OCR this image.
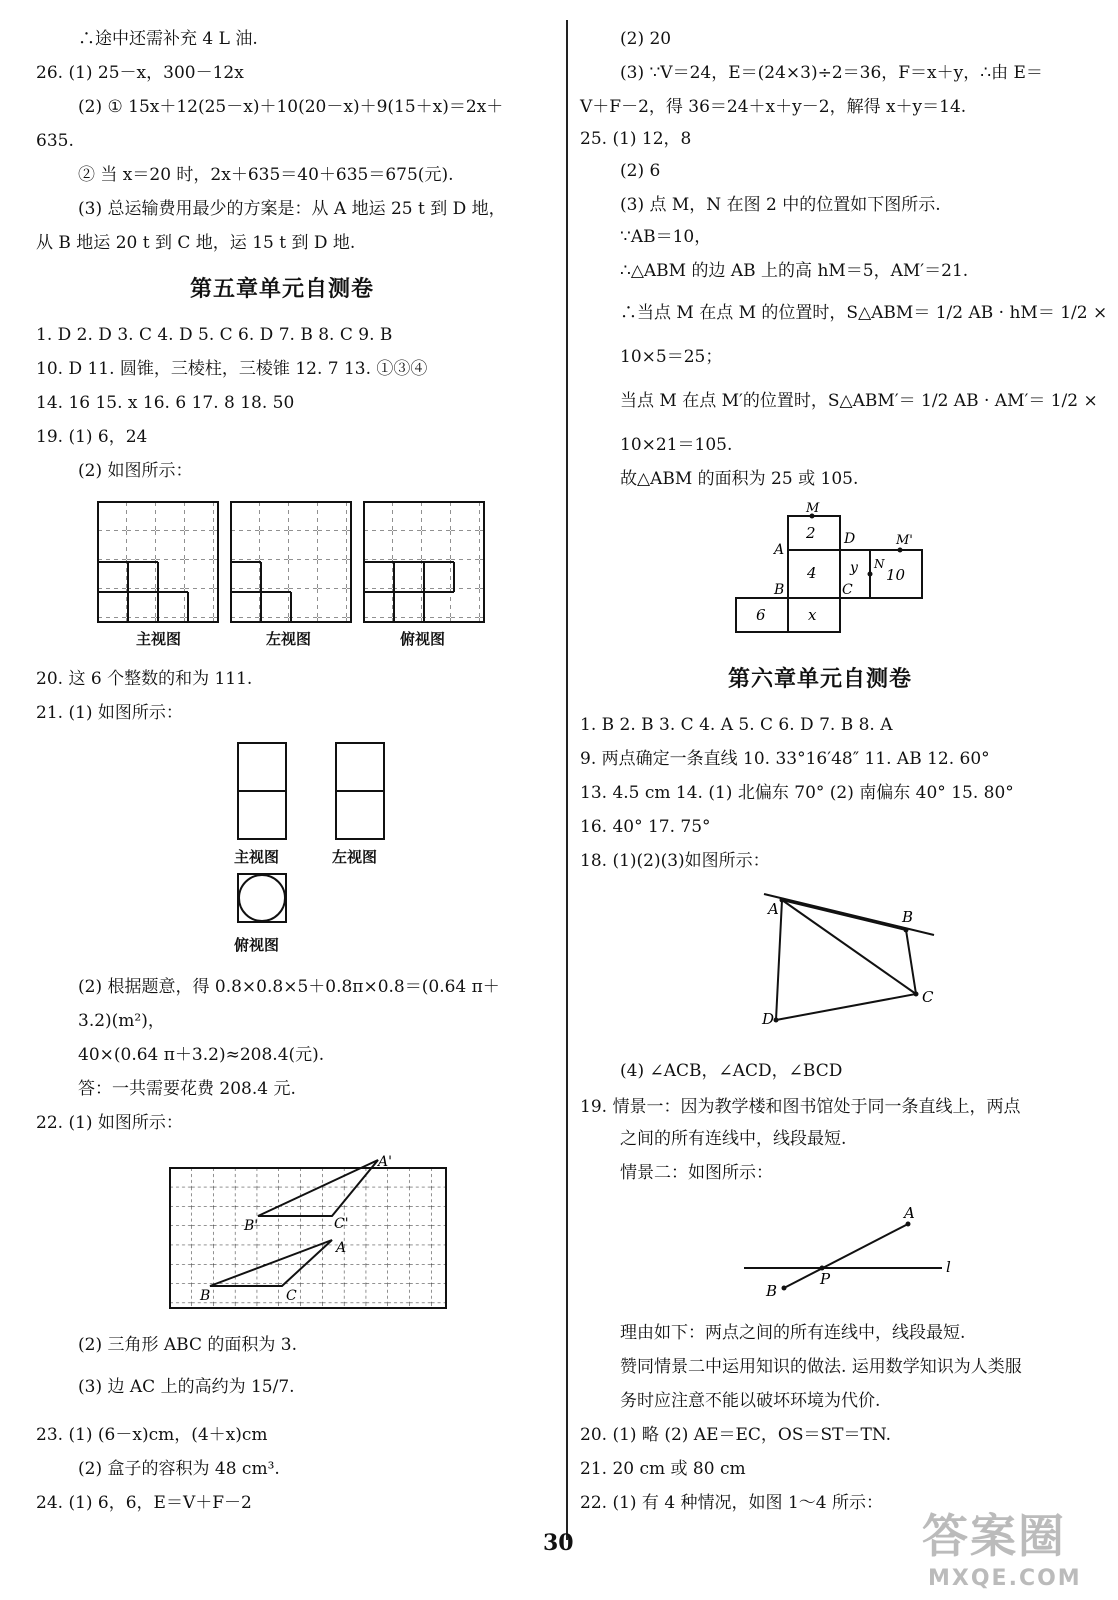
∴途中还需补充 4 L 油.
26. (1) 25－x，300－12x
(2) ① 15x＋12(25－x)＋10(20－x)＋9(15＋x)＝2x＋
635.
② 当 x＝20 时，2x＋635＝40＋635＝675(元).
(3) 总运输费用最少的方案是：从 A 地运 25 t 到 D 地，
从 B 地运 20 t 到 C 地，运 15 t 到 D 地.
第五章单元自测卷
1. D 2. D 3. C 4. D 5. C 6. D 7. B 8. C 9. B
10. D 11. 圆锥，三棱柱，三棱锥 12. 7 13. ①③④
14. 16 15. x 16. 6 17. 8 18. 50
19. (1) 6，24
(2) 如图所示：
主视图	左视图	俯视图
20. 这 6 个整数的和为 111.
21. (1) 如图所示：
主视图	左视图
俯视图
(2) 根据题意，得 0.8×0.8×5＋0.8π×0.8＝(0.64 π＋
3.2)(m²)，
40×(0.64 π＋3.2)≈208.4(元).
答：一共需要花费 208.4 元.
22. (1) 如图所示：
A'
B'	C'
A
B	C
(2) 三角形 ABC 的面积为 3.
(3) 边 AC 上的高约为 15/7.
23. (1) (6－x)cm，(4＋x)cm
(2) 盒子的容积为 48 cm³.
24. (1) 6，6，E＝V＋F－2
(2) 20
(3) ∵V＝24，E＝(24×3)÷2＝36，F＝x＋y，∴由 E＝
V＋F－2，得 36＝24＋x＋y－2，解得 x＋y＝14.
25. (1) 12，8
(2) 6
(3) 点 M，N 在图 2 中的位置如下图所示.
∵AB＝10，
∴△ABM 的边 AB 上的高 hM＝5，AM′＝21.
∴当点 M 在点 M 的位置时，S△ABM＝ 1/2 AB · hM＝ 1/2 ×
10×5＝25；
当点 M 在点 M′的位置时，S△ABM′＝ 1/2 AB · AM′＝ 1/2 ×
10×21＝105.
故△ABM 的面积为 25 或 105.
M
2 D	M'
A
4 y N
10
B	C
6	x
第六章单元自测卷
1. B 2. B 3. C 4. A 5. C 6. D 7. B 8. A
9. 两点确定一条直线 10. 33°16′48″ 11. AB 12. 60°
13. 4.5 cm 14. (1) 北偏东 70° (2) 南偏东 40° 15. 80°
16. 40° 17. 75°
18. (1)(2)(3)如图所示：
A	B
C
D
(4) ∠ACB，∠ACD，∠BCD
19. 情景一：因为教学楼和图书馆处于同一条直线上，两点
之间的所有连线中，线段最短.
情景二：如图所示：
A
B
P
l
理由如下：两点之间的所有连线中，线段最短.
赞同情景二中运用知识的做法. 运用数学知识为人类服
务时应注意不能以破坏环境为代价.
20. (1) 略 (2) AE＝EC，OS＝ST＝TN.
21. 20 cm 或 80 cm
22. (1) 有 4 种情况，如图 1～4 所示：
30	答案圈
MXQE.COM
